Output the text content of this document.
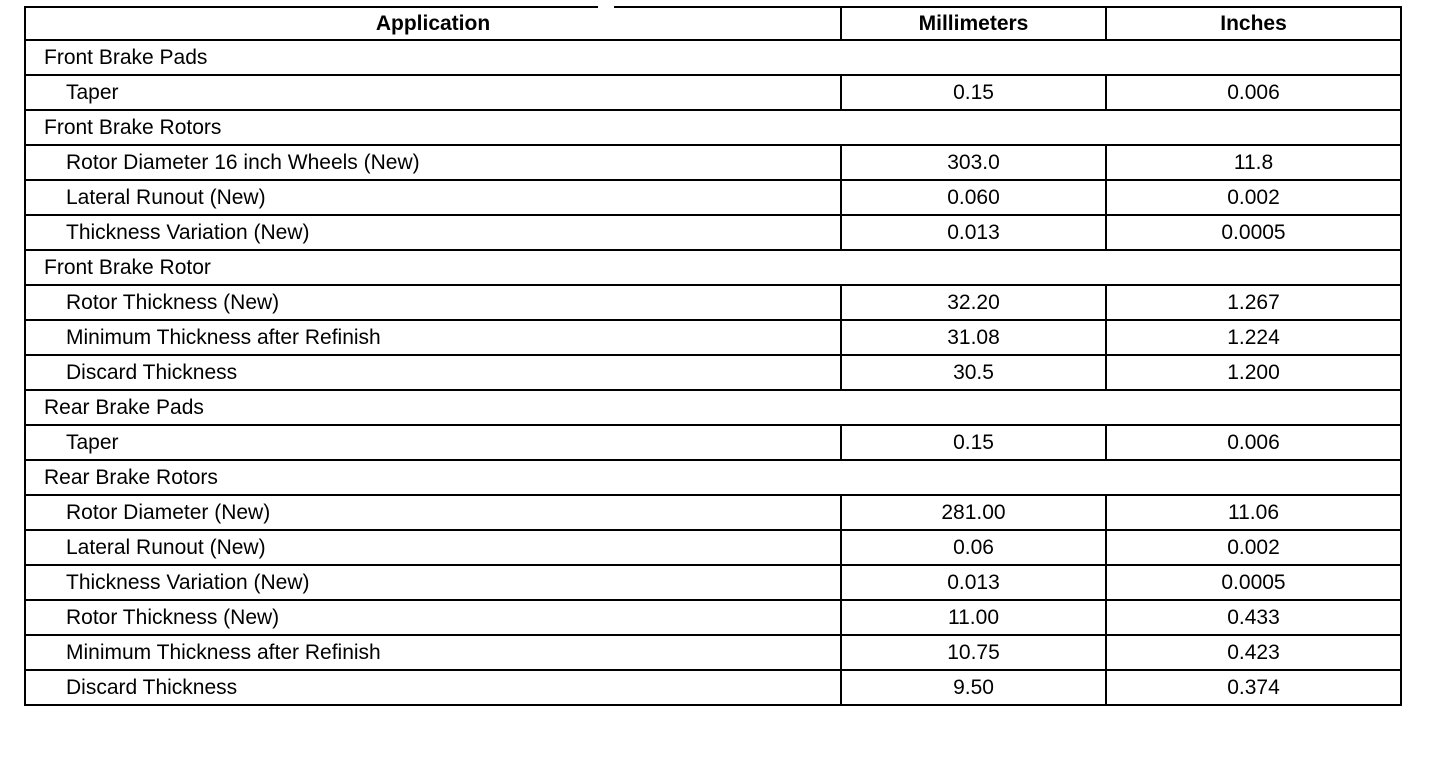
Application	Millimeters	Inches
Front Brake Pads		
Taper	0.15	0.006
Front Brake Rotors		
Rotor Diameter 16 inch Wheels (New)	303.0	11.8
Lateral Runout (New)	0.060	0.002
Thickness Variation (New)	0.013	0.0005
Front Brake Rotor		
Rotor Thickness (New)	32.20	1.267
Minimum Thickness after Refinish	31.08	1.224
Discard Thickness	30.5	1.200
Rear Brake Pads		
Taper	0.15	0.006
Rear Brake Rotors		
Rotor Diameter (New)	281.00	11.06
Lateral Runout (New)	0.06	0.002
Thickness Variation (New)	0.013	0.0005
Rotor Thickness (New)	11.00	0.433
Minimum Thickness after Refinish	10.75	0.423
Discard Thickness	9.50	0.374
